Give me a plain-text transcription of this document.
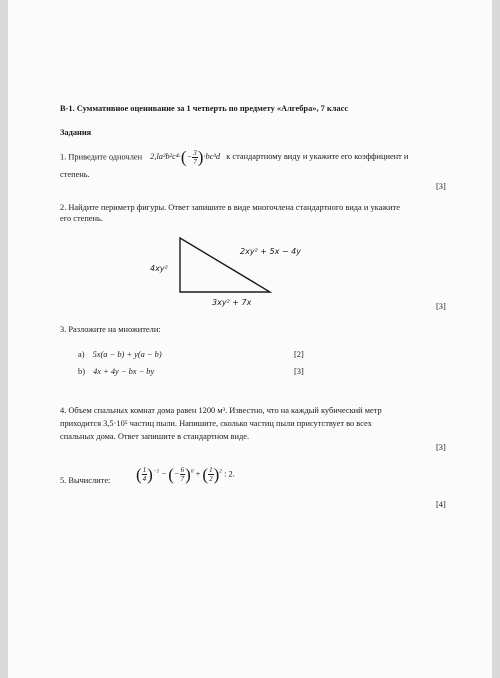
В-1. Суммативное оценивание за 1 четверть по предмету «Алгебра», 7 класс
Задания
1. Приведите одночлен $2,la^2b^2c^4\cdot(- \frac{3}{7} )\cdot bc^3d$ к стандартному виду и укажите его коэффициент и
степень.
[3]
2. Найдите периметр фигуры. Ответ запишите в виде многочлена стандартного вида и укажите
его степень.
2xy² + 5x − 4y
4xy²
3xy² + 7x	[3]
3. Разложите на множители:
a) 5x(a − b) + y(a − b)	[2]
b) 4x + 4y − bx − by	[3]
4. Объем спальных комнат дома равен 1200 м³. Известно, что на каждый кубический метр
приходится 3,5·10⁵ частиц пыли. Напишите, сколько частиц пыли присутствует во всех
спальных дома. Ответ запишите в стандартном виде.
[3]
5. Вычислите: ( $\frac{1}{4} )^{-1}$ − (− $\frac{6}{7} )^0$ + ( $\frac{1}{2} )^2$ : 2.
[4]
